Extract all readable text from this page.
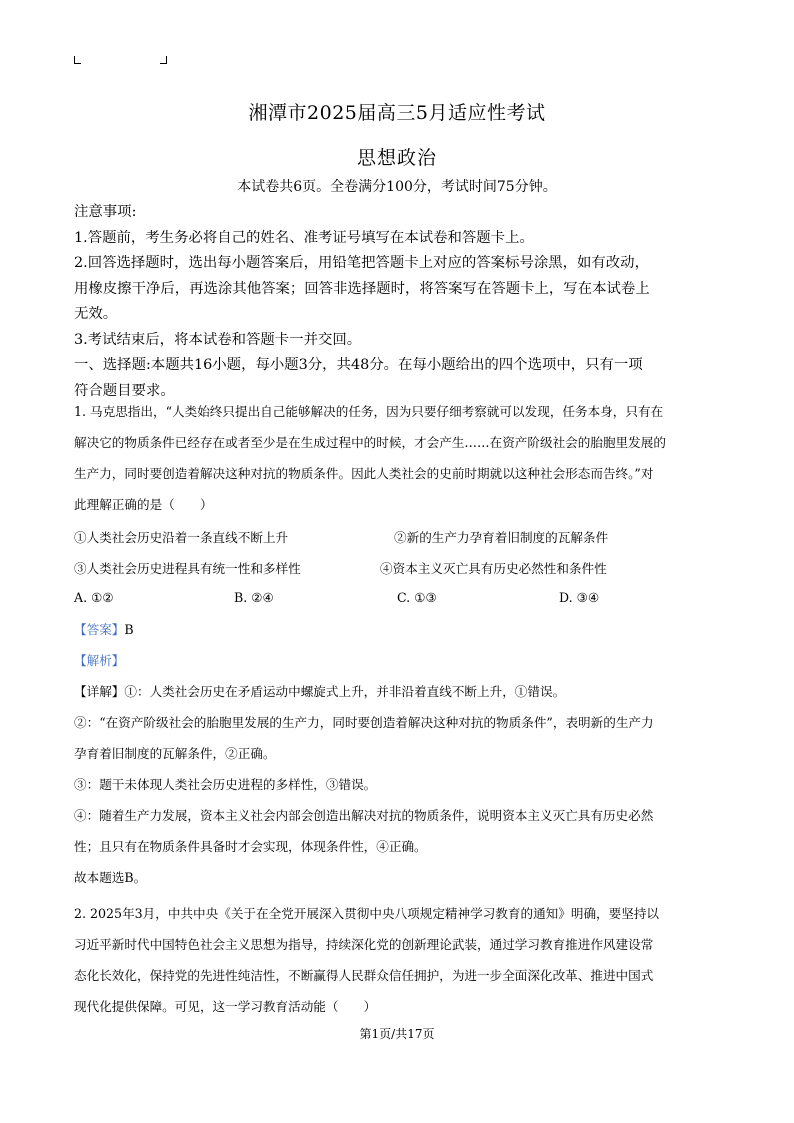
湘潭市2025届高三5月适应性考试
思想政治
本试卷共6页。全卷满分100分，考试时间75分钟。
注意事项:
1.答题前，考生务必将自己的姓名、准考证号填写在本试卷和答题卡上。
2.回答选择题时，选出每小题答案后，用铅笔把答题卡上对应的答案标号涂黑，如有改动，
用橡皮擦干净后，再选涂其他答案；回答非选择题时，将答案写在答题卡上，写在本试卷上
无效。
3.考试结束后，将本试卷和答题卡一并交回。
一、选择题:本题共16小题，每小题3分，共48分。在每小题给出的四个选项中，只有一项
符合题目要求。
1. 马克思指出，“人类始终只提出自己能够解决的任务，因为只要仔细考察就可以发现，任务本身，只有在
解决它的物质条件已经存在或者至少是在生成过程中的时候，才会产生……在资产阶级社会的胎胞里发展的
生产力，同时要创造着解决这种对抗的物质条件。因此人类社会的史前时期就以这种社会形态而告终。”对
此理解正确的是（　　）
①人类社会历史沿着一条直线不断上升	②新的生产力孕育着旧制度的瓦解条件
③人类社会历史进程具有统一性和多样性	④资本主义灭亡具有历史必然性和条件性
A. ①②	B. ②④	C. ①③	D. ③④
【答案】B
【解析】
【详解】①：人类社会历史在矛盾运动中螺旋式上升，并非沿着直线不断上升，①错误。
②：“在资产阶级社会的胎胞里发展的生产力，同时要创造着解决这种对抗的物质条件”，表明新的生产力
孕育着旧制度的瓦解条件，②正确。
③：题干未体现人类社会历史进程的多样性，③错误。
④：随着生产力发展，资本主义社会内部会创造出解决对抗的物质条件，说明资本主义灭亡具有历史必然
性；且只有在物质条件具备时才会实现，体现条件性，④正确。
故本题选B。
2. 2025年3月，中共中央《关于在全党开展深入贯彻中央八项规定精神学习教育的通知》明确，要坚持以
习近平新时代中国特色社会主义思想为指导，持续深化党的创新理论武装，通过学习教育推进作风建设常
态化长效化，保持党的先进性纯洁性，不断赢得人民群众信任拥护，为进一步全面深化改革、推进中国式
现代化提供保障。可见，这一学习教育活动能（　　）
第1页/共17页
